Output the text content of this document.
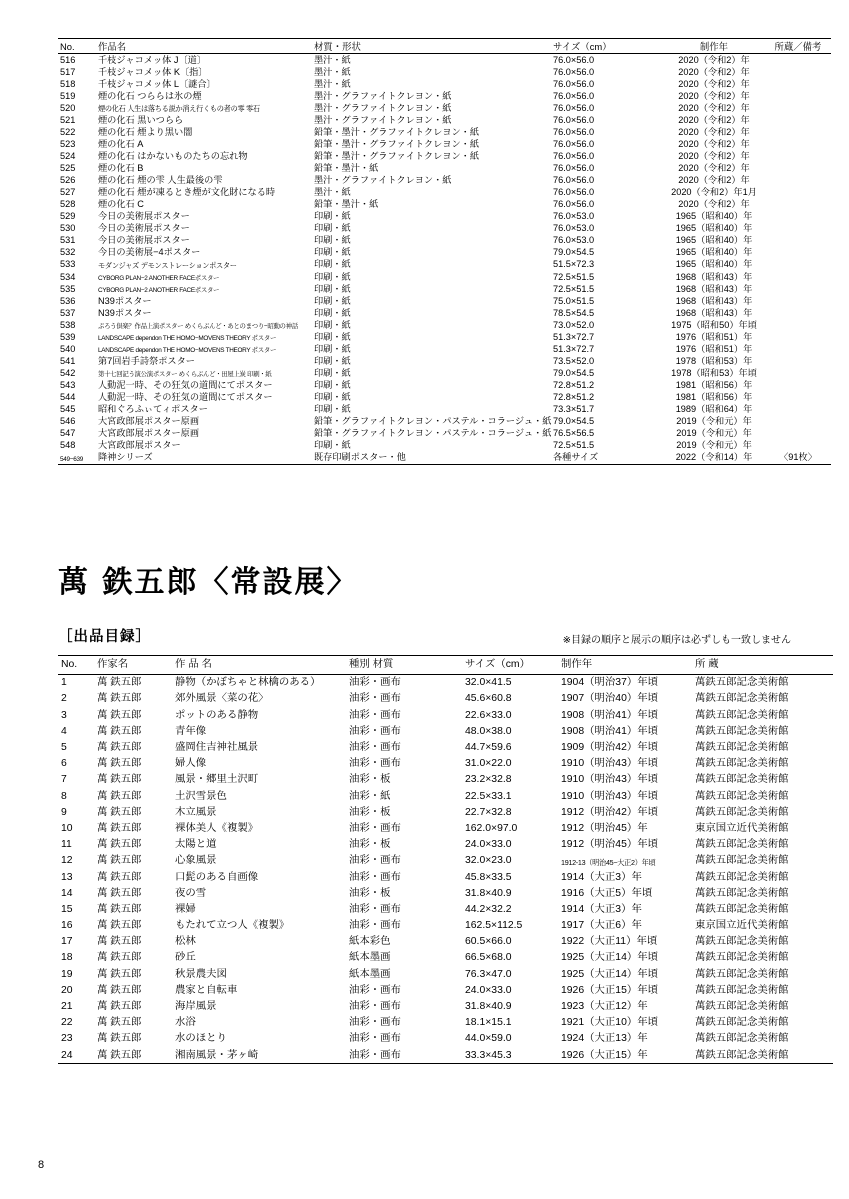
No.	作品名	材質・形状	サイズ（cm）	制作年	所蔵／備考
516	千枝ジャコメッ体 J〔道〕	墨汁・紙	76.0×56.0	2020（令和2）年	
517	千枝ジャコメッ体 K〔指〕	墨汁・紙	76.0×56.0	2020（令和2）年	
518	千枝ジャコメッ体 L〔謎合〕	墨汁・紙	76.0×56.0	2020（令和2）年	
519	煙の化石 つららは氷の煙	墨汁・グラファイトクレヨン・紙	76.0×56.0	2020（令和2）年	
520	煙の化石 人生は落ちる説か消え行くもの者の零 零石	墨汁・グラファイトクレヨン・紙	76.0×56.0	2020（令和2）年	
521	煙の化石 黒いつらら	墨汁・グラファイトクレヨン・紙	76.0×56.0	2020（令和2）年	
522	煙の化石 煙より黒い闇	鉛筆・墨汁・グラファイトクレヨン・紙	76.0×56.0	2020（令和2）年	
523	煙の化石 A	鉛筆・墨汁・グラファイトクレヨン・紙	76.0×56.0	2020（令和2）年	
524	煙の化石 はかないものたちの忘れ物	鉛筆・墨汁・グラファイトクレヨン・紙	76.0×56.0	2020（令和2）年	
525	煙の化石 B	鉛筆・墨汁・紙	76.0×56.0	2020（令和2）年	
526	煙の化石 煙の雫 人生最後の雫	墨汁・グラファイトクレヨン・紙	76.0×56.0	2020（令和2）年	
527	煙の化石 煙が凍るとき煙が文化財になる時	墨汁・紙	76.0×56.0	2020（令和2）年1月	
528	煙の化石 C	鉛筆・墨汁・紙	76.0×56.0	2020（令和2）年	
529	今日の美術展ポスター	印刷・紙	76.0×53.0	1965（昭和40）年	
530	今日の美術展ポスター	印刷・紙	76.0×53.0	1965（昭和40）年	
531	今日の美術展ポスター	印刷・紙	76.0×53.0	1965（昭和40）年	
532	今日の美術展−4ポスター	印刷・紙	79.0×54.5	1965（昭和40）年	
533	モダンジャズ デモンストレーションポスター	印刷・紙	51.5×72.3	1965（昭和40）年	
534	CYBORG PLAN−2 ANOTHER FACEポスター	印刷・紙	72.5×51.5	1968（昭和43）年	
535	CYBORG PLAN−2 ANOTHER FACEポスター	印刷・紙	72.5×51.5	1968（昭和43）年	
536	N39ポスター	印刷・紙	75.0×51.5	1968（昭和43）年	
537	N39ポスター	印刷・紙	78.5×54.5	1968（昭和43）年	
538	ぷろう倶楽？作品上演ポスター めくらぶんど・あとのまつり−昭動の神話	印刷・紙	73.0×52.0	1975（昭和50）年頃	
539	LANDSCAPE dependon THE HOMO−MOVENS THEORY ポスター	印刷・紙	51.3×72.7	1976（昭和51）年	
540	LANDSCAPE dependon THE HOMO−MOVENS THEORY ポスター	印刷・紙	51.3×72.7	1976（昭和51）年	
541	第7回岩手詩祭ポスター	印刷・紙	73.5×52.0	1978（昭和53）年	
542	第十七回記う演公演ポスター めくらぶんど・田屋上炭 印刷・紙	印刷・紙	79.0×54.5	1978（昭和53）年頃	
543	人動泥一時、その狂気の道間にてポスター	印刷・紙	72.8×51.2	1981（昭和56）年	
544	人動泥一時、その狂気の道間にてポスター	印刷・紙	72.8×51.2	1981（昭和56）年	
545	昭和ぐろふぃてィポスター	印刷・紙	73.3×51.7	1989（昭和64）年	
546	大宮政郎展ポスター原画	鉛筆・グラファイトクレヨン・パステル・コラージュ・紙	79.0×54.5	2019（令和元）年	
547	大宮政郎展ポスター原画	鉛筆・グラファイトクレヨン・パステル・コラージュ・紙	76.5×56.5	2019（令和元）年	
548	大宮政郎展ポスター	印刷・紙	72.5×51.5	2019（令和元）年	
549−639	降神シリーズ	既存印刷ポスター・他	各種サイズ	2022（令和14）年	〈91枚〉
萬 鉄五郎〈常設展〉
［出品目録］	※目録の順序と展示の順序は必ずしも一致しません
No.	作家名	作 品 名	種別 材質	サイズ（cm）	制作年	所 蔵
1	萬 鉄五郎	静物（かぼちゃと林檎のある）	油彩・画布	32.0×41.5	1904（明治37）年頃	萬鉄五郎記念美術館
2	萬 鉄五郎	郊外風景〈菜の花〉	油彩・画布	45.6×60.8	1907（明治40）年頃	萬鉄五郎記念美術館
3	萬 鉄五郎	ポットのある静物	油彩・画布	22.6×33.0	1908（明治41）年頃	萬鉄五郎記念美術館
4	萬 鉄五郎	青年像	油彩・画布	48.0×38.0	1908（明治41）年頃	萬鉄五郎記念美術館
5	萬 鉄五郎	盛岡住吉神社風景	油彩・画布	44.7×59.6	1909（明治42）年頃	萬鉄五郎記念美術館
6	萬 鉄五郎	婦人像	油彩・画布	31.0×22.0	1910（明治43）年頃	萬鉄五郎記念美術館
7	萬 鉄五郎	風景・郷里土沢町	油彩・板	23.2×32.8	1910（明治43）年頃	萬鉄五郎記念美術館
8	萬 鉄五郎	土沢雪景色	油彩・紙	22.5×33.1	1910（明治43）年頃	萬鉄五郎記念美術館
9	萬 鉄五郎	木立風景	油彩・板	22.7×32.8	1912（明治42）年頃	萬鉄五郎記念美術館
10	萬 鉄五郎	裸体美人《複製》	油彩・画布	162.0×97.0	1912（明治45）年	東京国立近代美術館
11	萬 鉄五郎	太陽と道	油彩・板	24.0×33.0	1912（明治45）年頃	萬鉄五郎記念美術館
12	萬 鉄五郎	心象風景	油彩・画布	32.0×23.0	1912-13（明治45−大正2）年頃	萬鉄五郎記念美術館
13	萬 鉄五郎	口髭のある自画像	油彩・画布	45.8×33.5	1914（大正3）年	萬鉄五郎記念美術館
14	萬 鉄五郎	夜の雪	油彩・板	31.8×40.9	1916（大正5）年頃	萬鉄五郎記念美術館
15	萬 鉄五郎	裸婦	油彩・画布	44.2×32.2	1914（大正3）年	萬鉄五郎記念美術館
16	萬 鉄五郎	もたれて立つ人《複製》	油彩・画布	162.5×112.5	1917（大正6）年	東京国立近代美術館
17	萬 鉄五郎	松林	紙本彩色	60.5×66.0	1922（大正11）年頃	萬鉄五郎記念美術館
18	萬 鉄五郎	砂丘	紙本墨画	66.5×68.0	1925（大正14）年頃	萬鉄五郎記念美術館
19	萬 鉄五郎	秋景農夫図	紙本墨画	76.3×47.0	1925（大正14）年頃	萬鉄五郎記念美術館
20	萬 鉄五郎	農家と自転車	油彩・画布	24.0×33.0	1926（大正15）年頃	萬鉄五郎記念美術館
21	萬 鉄五郎	海岸風景	油彩・画布	31.8×40.9	1923（大正12）年	萬鉄五郎記念美術館
22	萬 鉄五郎	水浴	油彩・画布	18.1×15.1	1921（大正10）年頃	萬鉄五郎記念美術館
23	萬 鉄五郎	水のほとり	油彩・画布	44.0×59.0	1924（大正13）年	萬鉄五郎記念美術館
24	萬 鉄五郎	湘南風景・茅ヶ崎	油彩・画布	33.3×45.3	1926（大正15）年	萬鉄五郎記念美術館
8
